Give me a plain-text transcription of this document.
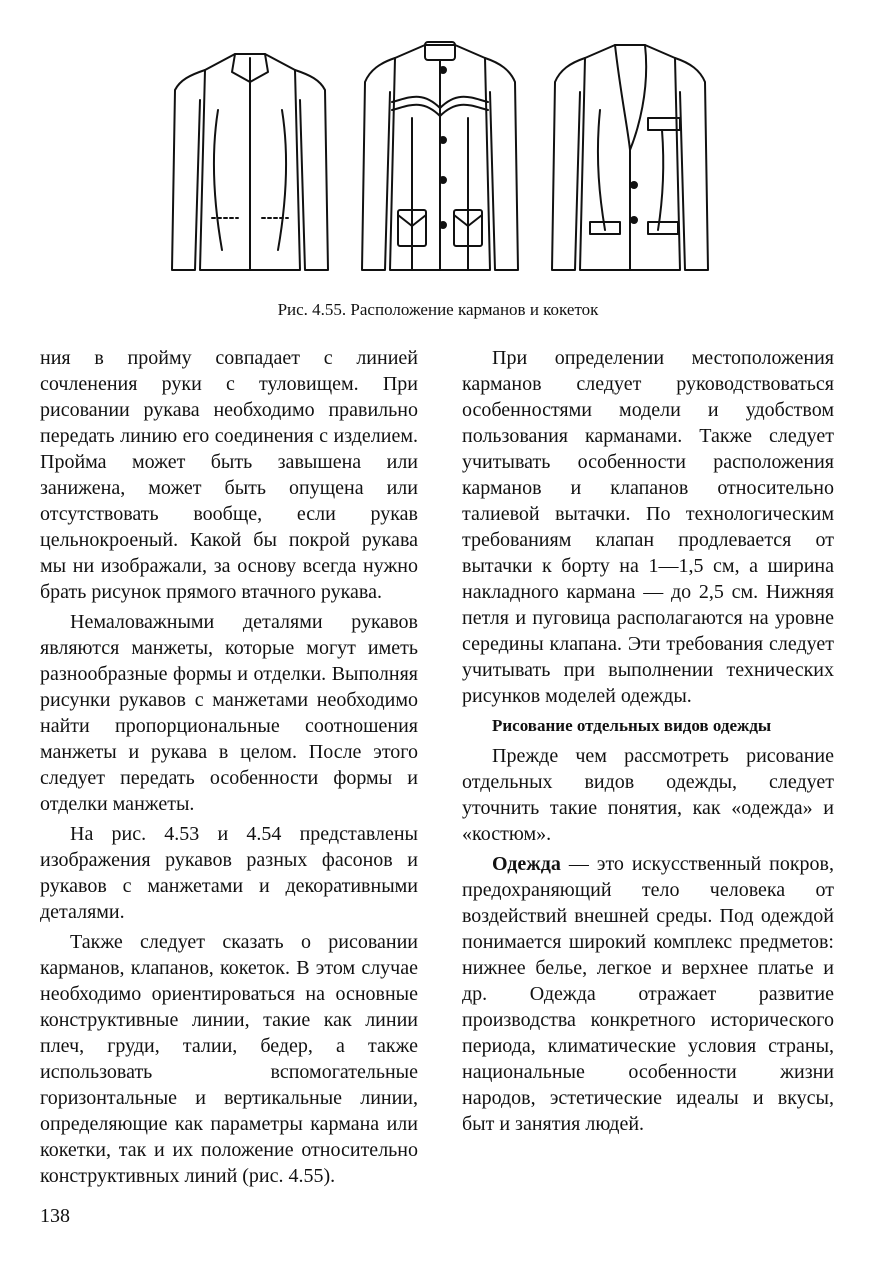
Рис. 4.55. Расположение карманов и кокеток

ния в пройму совпадает с линией сочленения руки с туловищем. При рисовании рукава необходимо правильно передать линию его соединения с изделием. Пройма может быть завышена или занижена, может быть опущена или отсутствовать вообще, если рукав цельнокроеный. Какой бы покрой рукава мы ни изображали, за основу всегда нужно брать рисунок прямого втачного рукава.

Немаловажными деталями рукавов являются манжеты, которые могут иметь разнообразные формы и отделки. Выполняя рисунки рукавов с манжетами необходимо найти пропорциональные соотношения манжеты и рукава в целом. После этого следует передать особенности формы и отделки манжеты.

На рис. 4.53 и 4.54 представлены изображения рукавов разных фасонов и рукавов с манжетами и декоративными деталями.

Также следует сказать о рисовании карманов, клапанов, кокеток. В этом случае необходимо ориентироваться на основные конструктивные линии, такие как линии плеч, груди, талии, бедер, а также использовать вспомогательные горизонтальные и вертикальные линии, определяющие как параметры кармана или кокетки, так и их положение относительно конструктивных линий (рис. 4.55).

При определении местоположения карманов следует руководствоваться особенностями модели и удобством пользования карманами. Также следует учитывать особенности расположения карманов и клапанов относительно талиевой вытачки. По технологическим требованиям клапан продлевается от вытачки к борту на 1—1,5 см, а ширина накладного кармана — до 2,5 см. Нижняя петля и пуговица располагаются на уровне середины клапана. Эти требования следует учитывать при выполнении технических рисунков моделей одежды.

Рисование отдельных видов одежды

Прежде чем рассмотреть рисование отдельных видов одежды, следует уточнить такие понятия, как «одежда» и «костюм».

Одежда — это искусственный покров, предохраняющий тело человека от воздействий внешней среды. Под одеждой понимается широкий комплекс предметов: нижнее белье, легкое и верхнее платье и др. Одежда отражает развитие производства конкретного исторического периода, климатические условия страны, национальные особенности жизни народов, эстетические идеалы и вкусы, быт и занятия людей.

138
